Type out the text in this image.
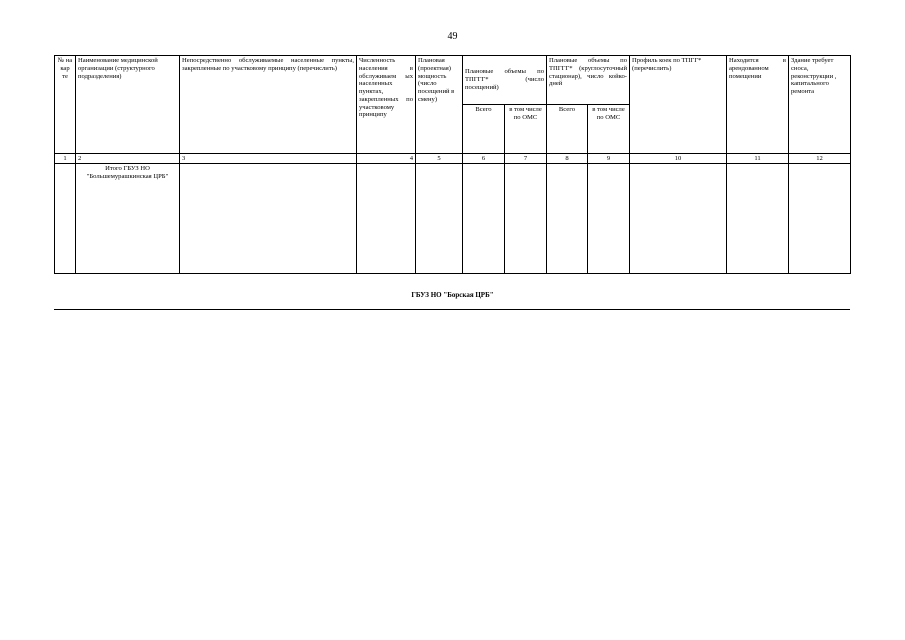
49
№ на кар те	Наименование медицинской организации (структурного подразделения)	Непосредственно обслуживаемые населенные пункты, закрепленные по участковому принципу (перечислить)	Численность населения в обслуживаем ых населенных пунктах, закрепленных по участковому принципу	Плановая (проектная) мощность (число посещений в смену)	Плановые объемы по ТПГГГ* (число посещений)		Плановые объемы по ТПГГГ* (круглосуточный стационар), число койко-дней		Профиль коек по ТПГГ* (перечислить)	Находится в арендованном помещении	Здание требует сноса, реконструкции , капитального ремонта
					Всего	в том числе по ОМС	Всего	в том числе по ОМС			
1	2	3	4	5	6	7	8	9	10	11	12
	Итого ГБУЗ НО "Большемурашкинская ЦРБ"										
ГБУЗ НО "Борская ЦРБ"
